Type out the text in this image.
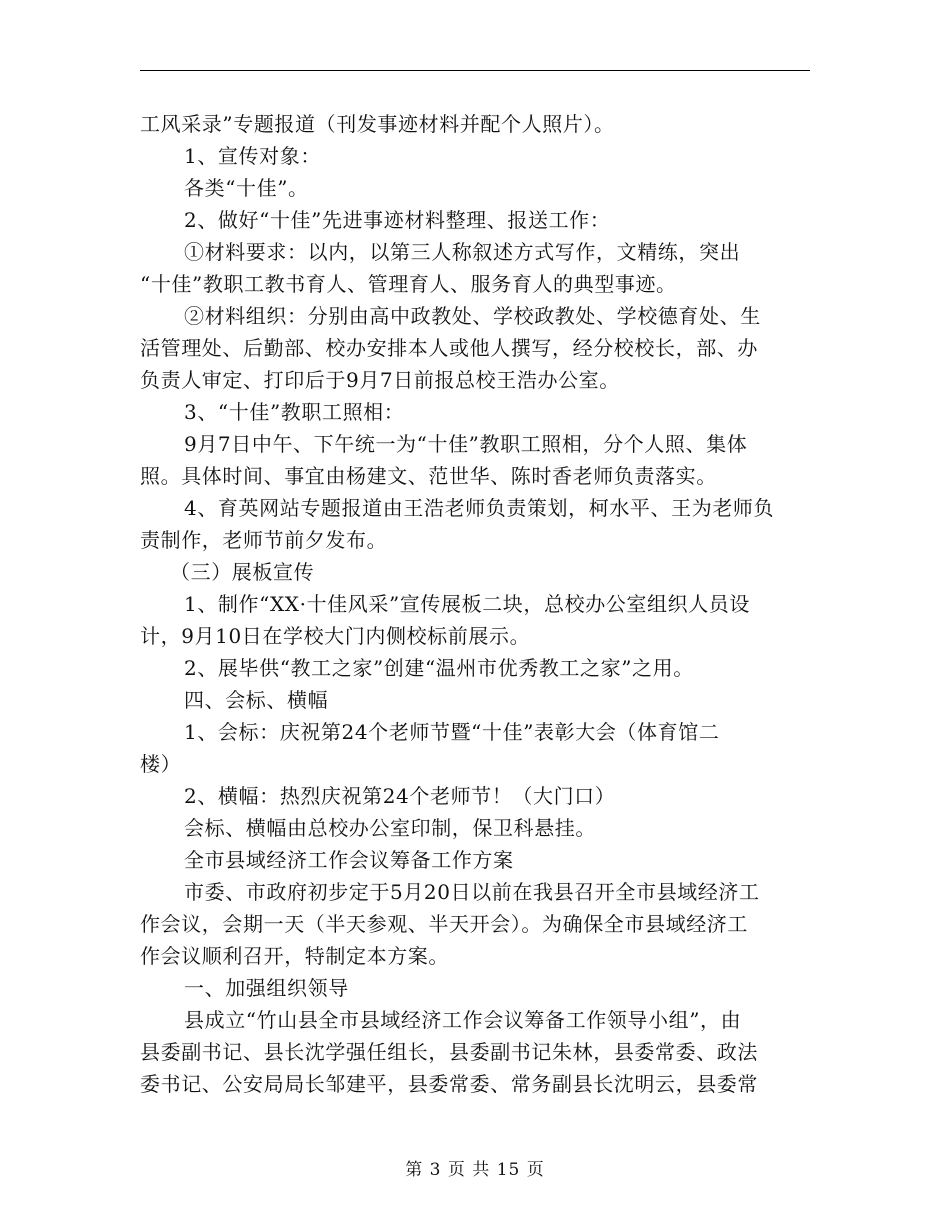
工风采录”专题报道（刊发事迹材料并配个人照片）。
1、宣传对象：
各类“十佳”。
2、做好“十佳”先进事迹材料整理、报送工作：
①材料要求：以内，以第三人称叙述方式写作，文精练，突出
“十佳”教职工教书育人、管理育人、服务育人的典型事迹。
②材料组织：分别由高中政教处、学校政教处、学校德育处、生
活管理处、后勤部、校办安排本人或他人撰写，经分校校长，部、办
负责人审定、打印后于9月7日前报总校王浩办公室。
3、“十佳”教职工照相：
9月7日中午、下午统一为“十佳”教职工照相，分个人照、集体
照。具体时间、事宜由杨建文、范世华、陈时香老师负责落实。
4、育英网站专题报道由王浩老师负责策划，柯水平、王为老师负
责制作，老师节前夕发布。
（三）展板宣传
1、制作“XX·十佳风采”宣传展板二块，总校办公室组织人员设
计，9月10日在学校大门内侧校标前展示。
2、展毕供“教工之家”创建“温州市优秀教工之家”之用。
四、会标、横幅
1、会标：庆祝第24个老师节暨“十佳”表彰大会（体育馆二
楼）
2、横幅：热烈庆祝第24个老师节！（大门口）
会标、横幅由总校办公室印制，保卫科悬挂。
全市县域经济工作会议筹备工作方案
市委、市政府初步定于5月20日以前在我县召开全市县域经济工
作会议，会期一天（半天参观、半天开会）。为确保全市县域经济工
作会议顺利召开，特制定本方案。
一、加强组织领导
县成立“竹山县全市县域经济工作会议筹备工作领导小组”，由
县委副书记、县长沈学强任组长，县委副书记朱林，县委常委、政法
委书记、公安局局长邹建平，县委常委、常务副县长沈明云，县委常
第 3 页 共 15 页
